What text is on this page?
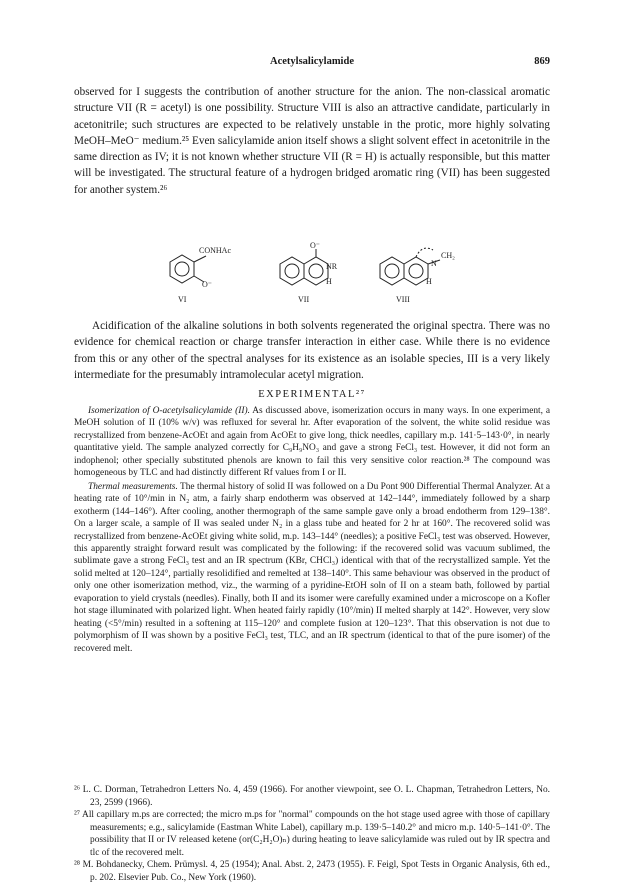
Acetylsalicylamide	869

observed for I suggests the contribution of another structure for the anion. The non-classical aromatic structure VII (R = acetyl) is one possibility. Structure VIII is also an attractive candidate, particularly in acetonitrile; such structures are expected to be relatively unstable in the protic, more highly solvating MeOH–MeO⁻ medium.²⁵ Even salicylamide anion itself shows a slight solvent effect in acetonitrile in the same direction as IV; it is not known whether structure VII (R = H) is actually responsible, but this matter will be investigated. The structural feature of a hydrogen bridged aromatic ring (VII) has been suggested for another system.²⁶

CONHAc
O⁻
O⁻
NR
H
N
CH₂
H
VI	VII	VIII

Acidification of the alkaline solutions in both solvents regenerated the original spectra. There was no evidence for chemical reaction or charge transfer interaction in either case. While there is no evidence from this or any other of the spectral analyses for its existence as an isolable species, III is a very likely intermediate for the presumably intramolecular acetyl migration.

EXPERIMENTAL²⁷

Isomerization of O-acetylsalicylamide (II). As discussed above, isomerization occurs in many ways. In one experiment, a MeOH solution of II (10% w/v) was refluxed for several hr. After evaporation of the solvent, the white solid residue was recrystallized from benzene-AcOEt and again from AcOEt to give long, thick needles, capillary m.p. 141·5–143·0°, in nearly quantitative yield. The sample analyzed correctly for C₉H₉NO₃ and gave a strong FeCl₃ test. However, it did not form an indophenol; other specially substituted phenols are known to fail this very sensitive color reaction.²⁸ The compound was homogeneous by TLC and had distinctly different Rf values from I or II.

Thermal measurements. The thermal history of solid II was followed on a Du Pont 900 Differential Thermal Analyzer. At a heating rate of 10°/min in N₂ atm, a fairly sharp endotherm was observed at 142–144°, immediately followed by a sharp exotherm (144–146°). After cooling, another thermograph of the same sample gave only a broad endotherm from 129–138°. On a larger scale, a sample of II was sealed under N₂ in a glass tube and heated for 2 hr at 160°. The recovered solid was recrystallized from benzene-AcOEt giving white solid, m.p. 143–144° (needles); a positive FeCl₃ test was observed. However, this apparently straight forward result was complicated by the following: if the recovered solid was vacuum sublimed, the sublimate gave a strong FeCl₃ test and an IR spectrum (KBr, CHCl₃) identical with that of the recrystallized sample. Yet the solid melted at 120–124°, partially resolidified and remelted at 138–140°. This same behaviour was observed in the product of only one other isomerization method, viz., the warming of a pyridine-EtOH soln of II on a steam bath, followed by partial evaporation to yield crystals (needles). Finally, both II and its isomer were carefully examined under a microscope on a Kofler hot stage illuminated with polarized light. When heated fairly rapidly (10°/min) II melted sharply at 142°. However, very slow heating (<5°/min) resulted in a softening at 115–120° and complete fusion at 120–123°. That this observation is not due to polymorphism of II was shown by a positive FeCl₃ test, TLC, and an IR spectrum (identical to that of the pure isomer) of the recovered melt.

²⁶ L. C. Dorman, Tetrahedron Letters No. 4, 459 (1966). For another viewpoint, see O. L. Chapman, Tetrahedron Letters, No. 23, 2599 (1966).

²⁷ All capillary m.ps are corrected; the micro m.ps for "normal" compounds on the hot stage used agree with those of capillary measurements; e.g., salicylamide (Eastman White Label), capillary m.p. 139·5–140.2° and micro m.p. 140·5–141·0°. The possibility that II or IV released ketene (or(C₂H₂O)ₙ) during heating to leave salicylamide was ruled out by IR spectra and tlc of the recovered melt.

²⁸ M. Bohdanecky, Chem. Prümysl. 4, 25 (1954); Anal. Abst. 2, 2473 (1955). F. Feigl, Spot Tests in Organic Analysis, 6th ed., p. 202. Elsevier Pub. Co., New York (1960).
